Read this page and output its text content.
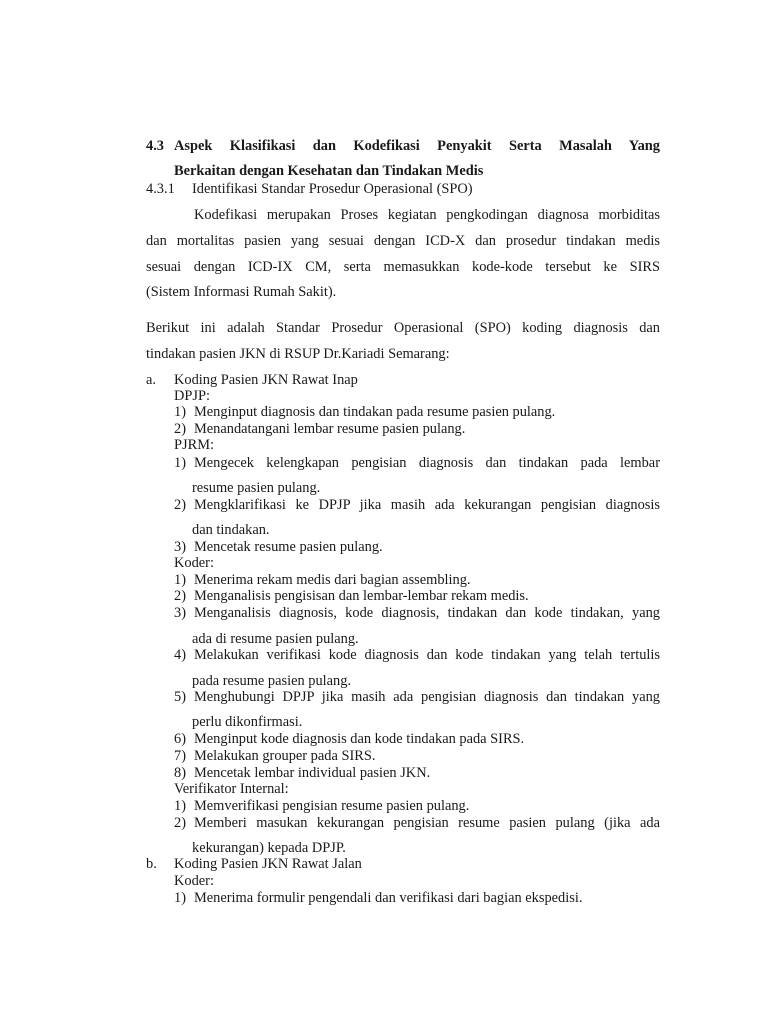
4.3 Aspek Klasifikasi dan Kodefikasi Penyakit Serta Masalah Yang
Berkaitan dengan Kesehatan dan Tindakan Medis
4.3.1 Identifikasi Standar Prosedur Operasional (SPO)
Kodefikasi merupakan Proses kegiatan pengkodingan diagnosa morbiditas
dan mortalitas pasien yang sesuai dengan ICD-X dan prosedur tindakan medis
sesuai dengan ICD-IX CM, serta memasukkan kode-kode tersebut ke SIRS
(Sistem Informasi Rumah Sakit).
Berikut ini adalah Standar Prosedur Operasional (SPO) koding diagnosis dan
tindakan pasien JKN di RSUP Dr.Kariadi Semarang:
a. Koding Pasien JKN Rawat Inap
DPJP:
1) Menginput diagnosis dan tindakan pada resume pasien pulang.
2) Menandatangani lembar resume pasien pulang.
PJRM:
1) Mengecek kelengkapan pengisian diagnosis dan tindakan pada lembar
resume pasien pulang.
2) Mengklarifikasi ke DPJP jika masih ada kekurangan pengisian diagnosis
dan tindakan.
3) Mencetak resume pasien pulang.
Koder:
1) Menerima rekam medis dari bagian assembling.
2) Menganalisis pengisisan dan lembar-lembar rekam medis.
3) Menganalisis diagnosis, kode diagnosis, tindakan dan kode tindakan, yang
ada di resume pasien pulang.
4) Melakukan verifikasi kode diagnosis dan kode tindakan yang telah tertulis
pada resume pasien pulang.
5) Menghubungi DPJP jika masih ada pengisian diagnosis dan tindakan yang
perlu dikonfirmasi.
6) Menginput kode diagnosis dan kode tindakan pada SIRS.
7) Melakukan grouper pada SIRS.
8) Mencetak lembar individual pasien JKN.
Verifikator Internal:
1) Memverifikasi pengisian resume pasien pulang.
2) Memberi masukan kekurangan pengisian resume pasien pulang (jika ada
kekurangan) kepada DPJP.
b. Koding Pasien JKN Rawat Jalan
Koder:
1) Menerima formulir pengendali dan verifikasi dari bagian ekspedisi.
